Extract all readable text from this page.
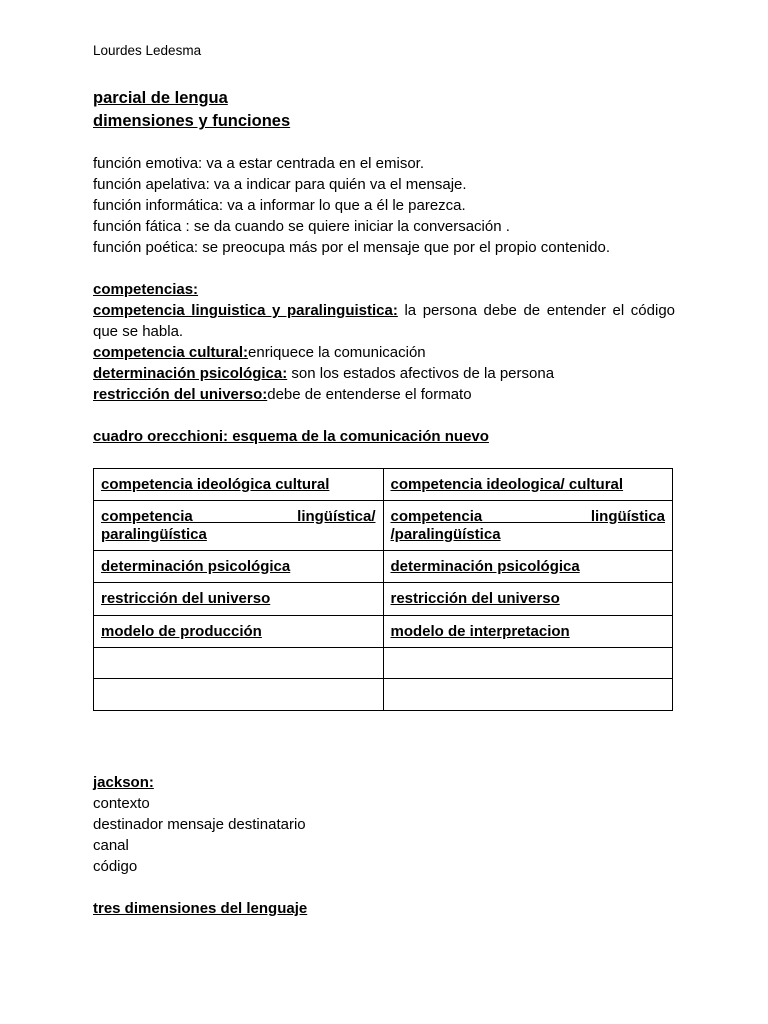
Lourdes Ledesma
parcial de lengua
dimensiones y funciones
función emotiva: va a estar centrada en el emisor.
función apelativa: va a indicar para quién va el mensaje.
función informática: va a informar lo que a él le parezca.
función fática : se da cuando se quiere iniciar la conversación .
función poética: se preocupa más por el mensaje que por el propio contenido.
competencias:
competencia linguistica y paralinguistica: la persona debe de entender el código que se habla.
competencia cultural:enriquece la comunicación
determinación psicológica: son los estados afectivos de la persona
restricción del universo:debe de entenderse el formato
cuadro orecchioni: esquema de la comunicación nuevo
competencia ideológica cultural	competencia ideologica/ cultural
competencia lingüística/ paralingüística	competencia lingüística /paralingüística
determinación psicológica	determinación psicológica
restricción del universo	restricción del universo
modelo de producción	modelo de interpretacion

jackson:
contexto
destinador mensaje destinatario
canal
código
tres dimensiones del lenguaje
